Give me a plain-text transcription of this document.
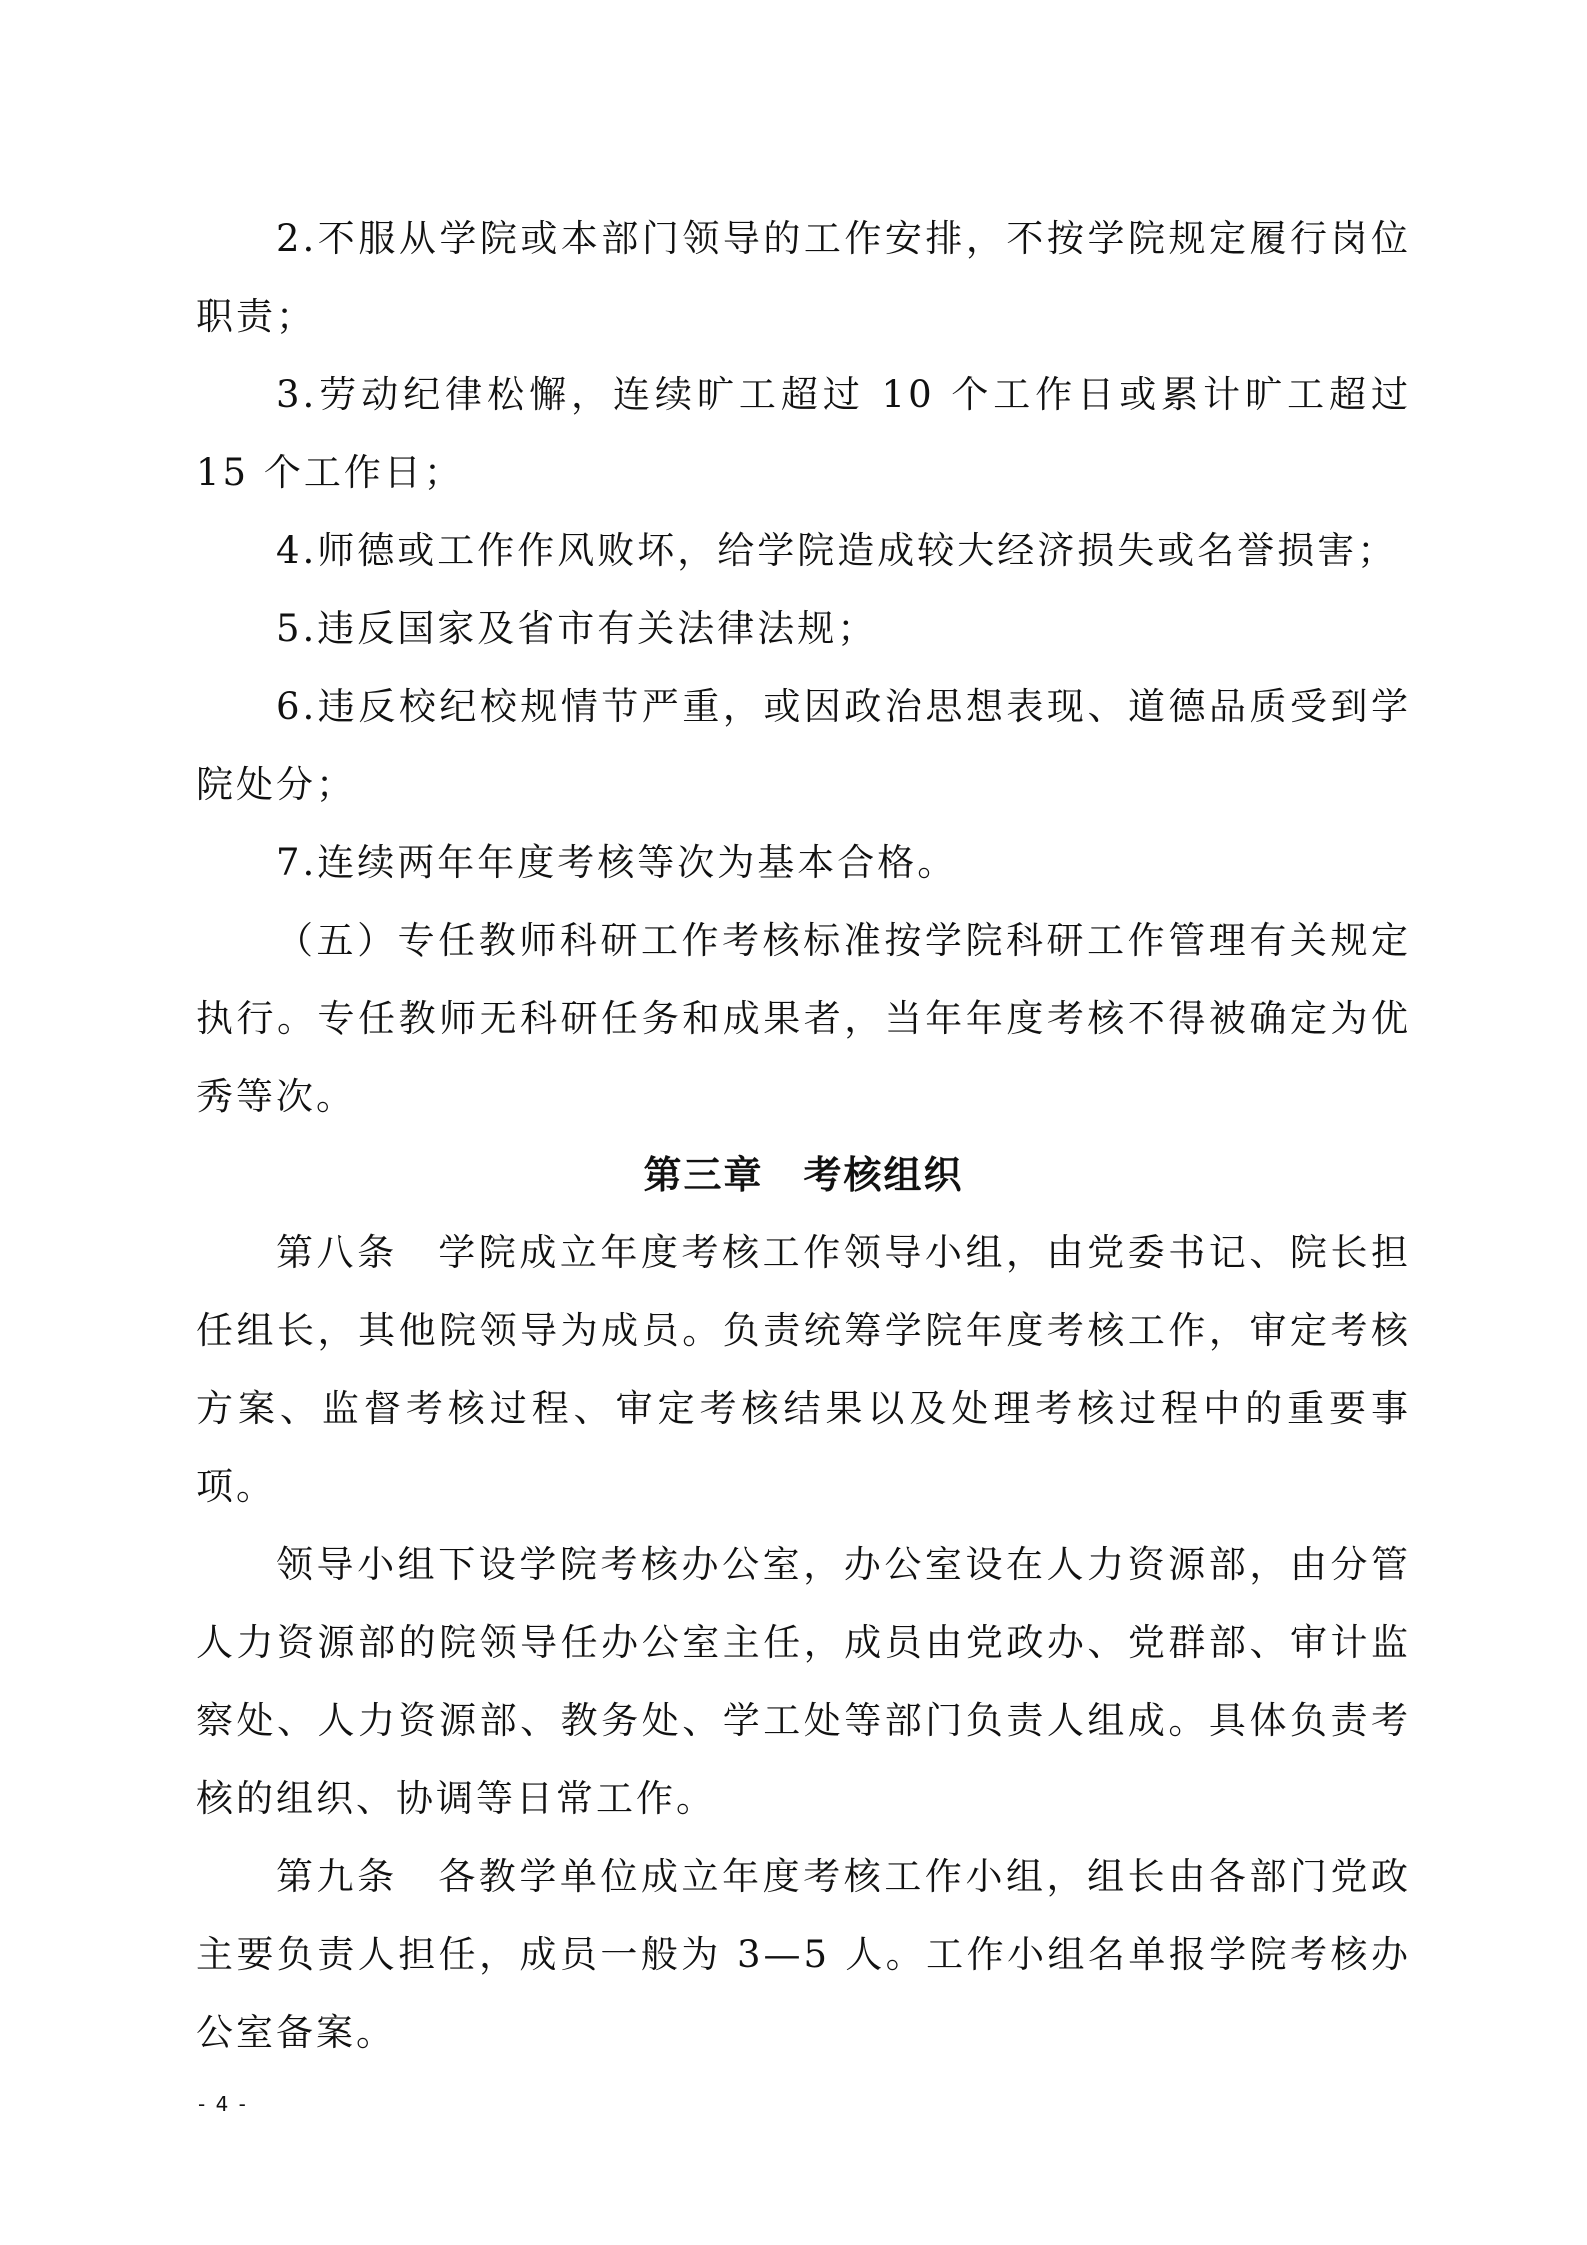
2.不服从学院或本部门领导的工作安排，不按学院规定履行岗位职责；

3.劳动纪律松懈，连续旷工超过 10 个工作日或累计旷工超过 15 个工作日；

4.师德或工作作风败坏，给学院造成较大经济损失或名誉损害；

5.违反国家及省市有关法律法规；

6.违反校纪校规情节严重，或因政治思想表现、道德品质受到学院处分；

7.连续两年年度考核等次为基本合格。

（五）专任教师科研工作考核标准按学院科研工作管理有关规定执行。专任教师无科研任务和成果者，当年年度考核不得被确定为优秀等次。

第三章 考核组织

第八条　学院成立年度考核工作领导小组，由党委书记、院长担任组长，其他院领导为成员。负责统筹学院年度考核工作，审定考核方案、监督考核过程、审定考核结果以及处理考核过程中的重要事项。

领导小组下设学院考核办公室，办公室设在人力资源部，由分管人力资源部的院领导任办公室主任，成员由党政办、党群部、审计监察处、人力资源部、教务处、学工处等部门负责人组成。具体负责考核的组织、协调等日常工作。

第九条　各教学单位成立年度考核工作小组，组长由各部门党政主要负责人担任，成员一般为 3—5 人。工作小组名单报学院考核办公室备案。

- 4 -
